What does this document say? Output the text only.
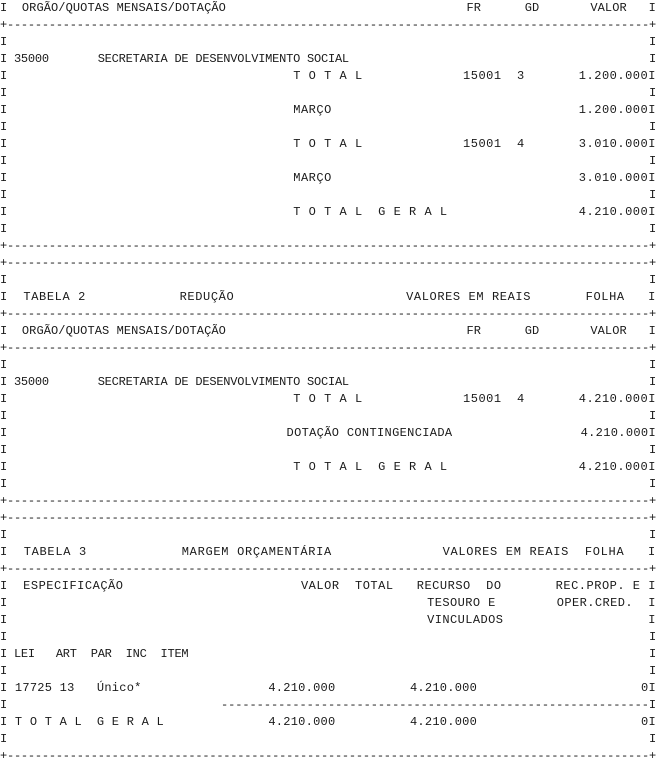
I  ORGÃO/QUOTAS MENSAIS/DOTAÇÃO                                 FR      GD       VALOR   I
+--------------------------------------------------------------------------------------------+
I                                                                                            I
I 35000       SECRETARIA DE DESENVOLVIMENTO SOCIAL                                           I
I                                     T O T A L             15001  3       1.200.000I
I                                                                                            I
I                                     MARÇO                                1.200.000I
I                                                                                            I
I                                     T O T A L             15001  4       3.010.000I
I                                                                                            I
I                                     MARÇO                                3.010.000I
I                                                                                            I
I                                     T O T A L  G E R A L                 4.210.000I
I                                                                                            I
+--------------------------------------------------------------------------------------------+
+--------------------------------------------------------------------------------------------+
I                                                                                            I
I  TABELA 2            REDUÇÃO                      VALORES EM REAIS       FOLHA   I
+--------------------------------------------------------------------------------------------+
I  ORGÃO/QUOTAS MENSAIS/DOTAÇÃO                                 FR      GD       VALOR   I
+--------------------------------------------------------------------------------------------+
I                                                                                            I
I 35000       SECRETARIA DE DESENVOLVIMENTO SOCIAL                                           I
I                                     T O T A L             15001  4       4.210.000I
I                                                                                            I
I                                     DOTAÇÃO CONTINGENCIADA                 4.210.000I
I                                                                                            I
I                                     T O T A L  G E R A L                 4.210.000I
I                                                                                            I
+--------------------------------------------------------------------------------------------+
+--------------------------------------------------------------------------------------------+
I                                                                                            I
I  TABELA 3            MARGEM ORÇAMENTÁRIA              VALORES EM REAIS  FOLHA   I
+--------------------------------------------------------------------------------------------+
I  ESPECIFICAÇÃO                       VALOR  TOTAL   RECURSO  DO       REC.PROP. E I
I                                                       TESOURO E        OPER.CRED.  I
I                                                       VINCULADOS                   I
I                                                                                            I
I LEI   ART  PAR  INC  ITEM                                                                  I
I                                                                                            I
I 17725 13   Único*                 4.210.000          4.210.000                      0I
I                              ------------------------------------------------------------I
I T O T A L  G E R A L              4.210.000          4.210.000                      0I
I                                                                                            I
+--------------------------------------------------------------------------------------------+
